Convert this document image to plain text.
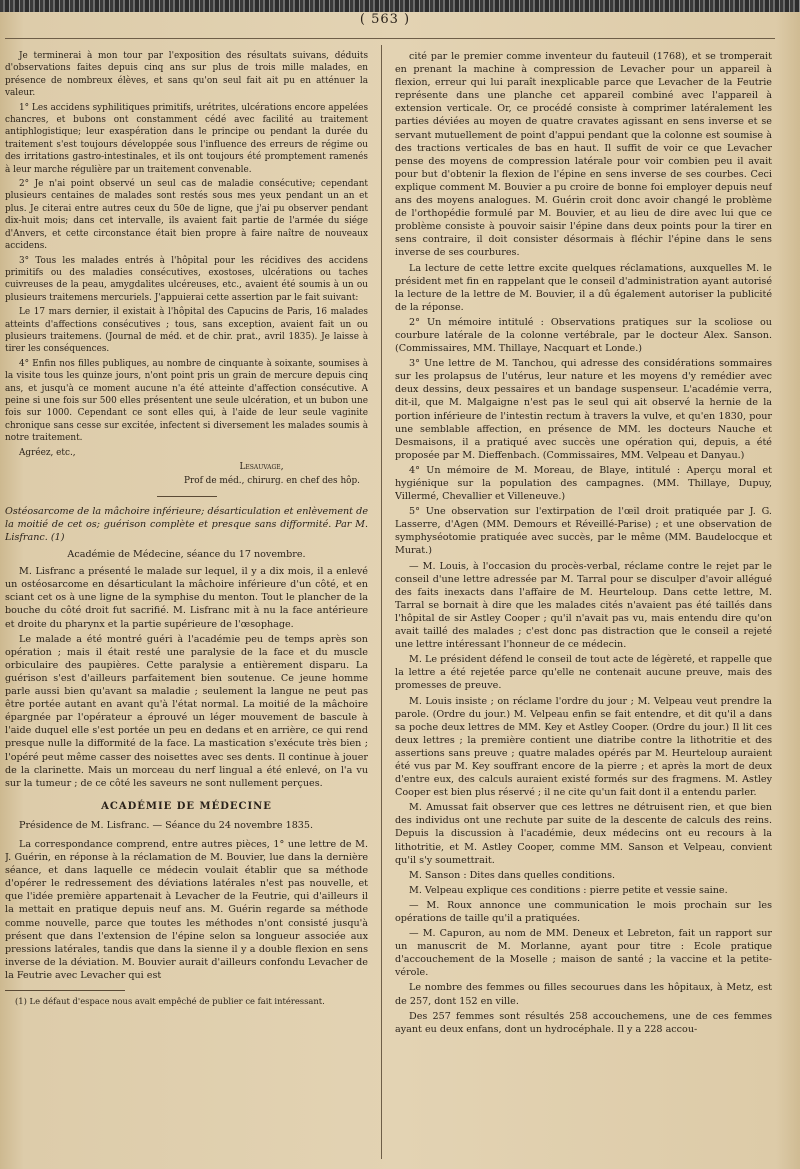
( 563 )

Je terminerai à mon tour par l'exposition des résultats suivans, déduits d'observations faites depuis cinq ans sur plus de trois mille malades, en présence de nombreux élèves, et sans qu'on seul fait ait pu en atténuer la valeur.

1° Les accidens syphilitiques primitifs, urétrites, ulcérations encore appelées chancres, et bubons ont constamment cédé avec facilité au traitement antiphlogistique; leur exaspération dans le principe ou pendant la durée du traitement s'est toujours développée sous l'influence des erreurs de régime ou des irritations gastro-intestinales, et ils ont toujours été promptement ramenés à leur marche régulière par un traitement convenable.

2° Je n'ai point observé un seul cas de maladie consécutive; cependant plusieurs centaines de malades sont restés sous mes yeux pendant un an et plus. Je citerai entre autres ceux du 50e de ligne, que j'ai pu observer pendant dix-huit mois; dans cet intervalle, ils avaient fait partie de l'armée du siége d'Anvers, et cette circonstance était bien propre à faire naître de nouveaux accidens.

3° Tous les malades entrés à l'hôpital pour les récidives des accidens primitifs ou des maladies consécutives, exostoses, ulcérations ou taches cuivreuses de la peau, amygdalites ulcéreuses, etc., avaient été soumis à un ou plusieurs traitemens mercuriels. J'appuierai cette assertion par le fait suivant:

Le 17 mars dernier, il existait à l'hôpital des Capucins de Paris, 16 malades atteints d'affections consécutives ; tous, sans exception, avaient fait un ou plusieurs traitemens. (Journal de méd. et de chir. prat., avril 1835). Je laisse à tirer les conséquences.

4° Enfin nos filles publiques, au nombre de cinquante à soixante, soumises à la visite tous les quinze jours, n'ont point pris un grain de mercure depuis cinq ans, et jusqu'à ce moment aucune n'a été atteinte d'affection consécutive. A peine si une fois sur 500 elles présentent une seule ulcération, et un bubon une fois sur 1000. Cependant ce sont elles qui, à l'aide de leur seule vaginite chronique sans cesse sur excitée, infectent si diversement les malades soumis à notre traitement.

Agréez, etc.,

Lesauvage,

Prof de méd., chirurg. en chef des hôp.

Ostéosarcome de la mâchoire inférieure; désarticulation et enlèvement de la moitié de cet os; guérison complète et presque sans difformité. Par M. Lisfranc. (1)

Académie de Médecine, séance du 17 novembre.

M. Lisfranc a présenté le malade sur lequel, il y a dix mois, il a enlevé un ostéosarcome en désarticulant la mâchoire inférieure d'un côté, et en sciant cet os à une ligne de la symphise du menton. Tout le plancher de la bouche du côté droit fut sacrifié. M. Lisfranc mit à nu la face antérieure et droite du pharynx et la partie supérieure de l'œsophage.

Le malade a été montré guéri à l'académie peu de temps après son opération ; mais il était resté une paralysie de la face et du muscle orbiculaire des paupières. Cette paralysie a entièrement disparu. La guérison s'est d'ailleurs parfaitement bien soutenue. Ce jeune homme parle aussi bien qu'avant sa maladie ; seulement la langue ne peut pas être portée autant en avant qu'à l'état normal. La moitié de la mâchoire épargnée par l'opérateur a éprouvé un léger mouvement de bascule à l'aide duquel elle s'est portée un peu en dedans et en arrière, ce qui rend presque nulle la difformité de la face. La mastication s'exécute très bien ; l'opéré peut même casser des noisettes avec ses dents. Il continue à jouer de la clarinette. Mais un morceau du nerf lingual a été enlevé, on l'a vu sur la tumeur ; de ce côté les saveurs ne sont nullement perçues.

ACADÉMIE DE MÉDECINE

Présidence de M. Lisfranc. — Séance du 24 novembre 1835.

La correspondance comprend, entre autres pièces, 1° une lettre de M. J. Guérin, en réponse à la réclamation de M. Bouvier, lue dans la dernière séance, et dans laquelle ce médecin voulait établir que sa méthode d'opérer le redressement des déviations latérales n'est pas nouvelle, et que l'idée première appartenait à Levacher de la Feutrie, qui d'ailleurs il la mettait en pratique depuis neuf ans. M. Guérin regarde sa méthode comme nouvelle, parce que toutes les méthodes n'ont consisté jusqu'à présent que dans l'extension de l'épine selon sa longueur associée aux pressions latérales, tandis que dans la sienne il y a double flexion en sens inverse de la déviation. M. Bouvier aurait d'ailleurs confondu Levacher de la Feutrie avec Levacher qui est

(1) Le défaut d'espace nous avait empêché de publier ce fait intéressant.

cité par le premier comme inventeur du fauteuil (1768), et se tromperait en prenant la machine à compression de Levacher pour un appareil à flexion, erreur qui lui paraît inexplicable parce que Levacher de la Feutrie représente dans une planche cet appareil combiné avec l'appareil à extension verticale. Or, ce procédé consiste à comprimer latéralement les parties déviées au moyen de quatre cravates agissant en sens inverse et se servant mutuellement de point d'appui pendant que la colonne est soumise à des tractions verticales de bas en haut. Il suffit de voir ce que Levacher pense des moyens de compression latérale pour voir combien peu il avait pour but d'obtenir la flexion de l'épine en sens inverse de ses courbes. Ceci explique comment M. Bouvier a pu croire de bonne foi employer depuis neuf ans des moyens analogues. M. Guérin croit donc avoir changé le problème de l'orthopédie formulé par M. Bouvier, et au lieu de dire avec lui que ce problème consiste à pouvoir saisir l'épine dans deux points pour la tirer en sens contraire, il doit consister désormais à fléchir l'épine dans le sens inverse de ses courbures.

La lecture de cette lettre excite quelques réclamations, auxquelles M. le président met fin en rappelant que le conseil d'administration ayant autorisé la lecture de la lettre de M. Bouvier, il a dû également autoriser la publicité de la réponse.

2° Un mémoire intitulé : Observations pratiques sur la scoliose ou courbure latérale de la colonne vertébrale, par le docteur Alex. Sanson. (Commissaires, MM. Thillaye, Nacquart et Londe.)

3° Une lettre de M. Tanchou, qui adresse des considérations sommaires sur les prolapsus de l'utérus, leur nature et les moyens d'y remédier avec deux dessins, deux pessaires et un bandage suspenseur. L'académie verra, dit-il, que M. Malgaigne n'est pas le seul qui ait observé la hernie de la portion inférieure de l'intestin rectum à travers la vulve, et qu'en 1830, pour une semblable affection, en présence de MM. les docteurs Nauche et Desmaisons, il a pratiqué avec succès une opération qui, depuis, a été proposée par M. Dieffenbach. (Commissaires, MM. Velpeau et Danyau.)

4° Un mémoire de M. Moreau, de Blaye, intitulé : Aperçu moral et hygiénique sur la population des campagnes. (MM. Thillaye, Dupuy, Villermé, Chevallier et Villeneuve.)

5° Une observation sur l'extirpation de l'œil droit pratiquée par J. G. Lasserre, d'Agen (MM. Demours et Réveillé-Parise) ; et une observation de symphyséotomie pratiquée avec succès, par le même (MM. Baudelocque et Murat.)

— M. Louis, à l'occasion du procès-verbal, réclame contre le rejet par le conseil d'une lettre adressée par M. Tarral pour se disculper d'avoir allégué des faits inexacts dans l'affaire de M. Heurteloup. Dans cette lettre, M. Tarral se bornait à dire que les malades cités n'avaient pas été taillés dans l'hôpital de sir Astley Cooper ; qu'il n'avait pas vu, mais entendu dire qu'on avait taillé des malades ; c'est donc pas distraction que le conseil a rejeté une lettre intéressant l'honneur de ce médecin.

M. Le président défend le conseil de tout acte de légèreté, et rappelle que la lettre a été rejetée parce qu'elle ne contenait aucune preuve, mais des promesses de preuve.

M. Louis insiste ; on réclame l'ordre du jour ; M. Velpeau veut prendre la parole. (Ordre du jour.) M. Velpeau enfin se fait entendre, et dit qu'il a dans sa poche deux lettres de MM. Key et Astley Cooper. (Ordre du jour.) Il lit ces deux lettres ; la première contient une diatribe contre la lithotritie et des assertions sans preuve ; quatre malades opérés par M. Heurteloup auraient été vus par M. Key souffrant encore de la pierre ; et après la mort de deux d'entre eux, des calculs auraient existé formés sur des fragmens. M. Astley Cooper est bien plus réservé ; il ne cite qu'un fait dont il a entendu parler.

M. Amussat fait observer que ces lettres ne détruisent rien, et que bien des individus ont une rechute par suite de la descente de calculs des reins. Depuis la discussion à l'académie, deux médecins ont eu recours à la lithotritie, et M. Astley Cooper, comme MM. Sanson et Velpeau, convient qu'il s'y soumettrait.

M. Sanson : Dites dans quelles conditions.

M. Velpeau explique ces conditions : pierre petite et vessie saine.

— M. Roux annonce une communication le mois prochain sur les opérations de taille qu'il a pratiquées.

— M. Capuron, au nom de MM. Deneux et Lebreton, fait un rapport sur un manuscrit de M. Morlanne, ayant pour titre : Ecole pratique d'accouchement de la Moselle ; maison de santé ; la vaccine et la petite-vérole.

Le nombre des femmes ou filles secourues dans les hôpitaux, à Metz, est de 257, dont 152 en ville.

Des 257 femmes sont résultés 258 accouchemens, une de ces femmes ayant eu deux enfans, dont un hydrocéphale. Il y a 228 accou-
